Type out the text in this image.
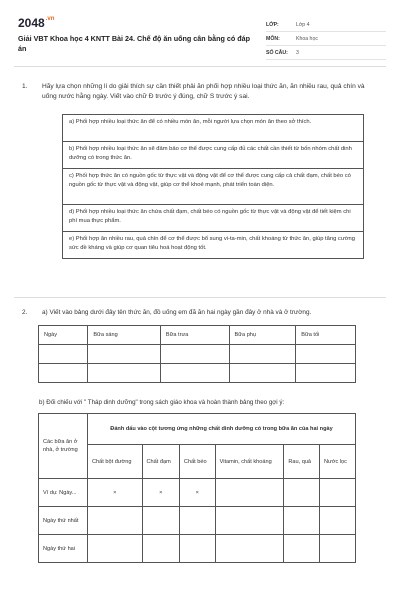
$2048^{.vn}$
Giải VBT Khoa học 4 KNTT Bài 24. Chế độ ăn uống cân bằng có đáp án
LỚP:	Lớp 4
MÔN:	Khoa học
SỐ CÂU:	3
1. Hãy lựa chọn những lí do giải thích sự cần thiết phải ăn phối hợp nhiều loại thức ăn, ăn nhiều rau, quả chín và uống nước hằng ngày. Viết vào chữ Đ trước ý đúng, chữ S trước ý sai.
a) Phối hợp nhiều loại thức ăn để có nhiều món ăn, mỗi người lựa chọn món ăn theo sở thích.
b) Phối hợp nhiều loại thức ăn sẽ đảm bảo cơ thể được cung cấp đủ các chất cần thiết từ bốn nhóm chất dinh dưỡng có trong thức ăn.
c) Phối hợp thức ăn có nguồn gốc từ thực vật và động vật để cơ thể được cung cấp cả chất đạm, chất béo có nguồn gốc từ thực vật và động vật, giúp cơ thể khoẻ mạnh, phát triển toàn diện.
d) Phối hợp nhiều loại thức ăn chứa chất đạm, chất béo có nguồn gốc từ thực vật và động vật để tiết kiệm chi phí mua thực phẩm.
e) Phối hợp ăn nhiều rau, quả chín để cơ thể được bổ sung vi-ta-min, chất khoáng từ thức ăn, giúp tăng cường sức đề kháng và giúp cơ quan tiêu hoá hoạt động tốt.
2. a) Viết vào bảng dưới đây tên thức ăn, đồ uống em đã ăn hai ngày gần đây ở nhà và ở trường.
Ngày	Bữa sáng	Bữa trưa	Bữa phụ	Bữa tối

b) Đối chiếu với " Tháp dinh dưỡng" trong sách giáo khoa và hoàn thành bảng theo gợi ý:
Các bữa ăn ở nhà, ở trường	Đánh dấu vào cột tương ứng những chất dinh dưỡng có trong bữa ăn của hai ngày					
	Chất bột đường	Chất đạm	Chất béo	Vitamin, chất khoáng	Rau, quả	Nước lọc
Ví dụ: Ngày...	×	×	×			
Ngày thứ nhất						
Ngày thứ hai						
